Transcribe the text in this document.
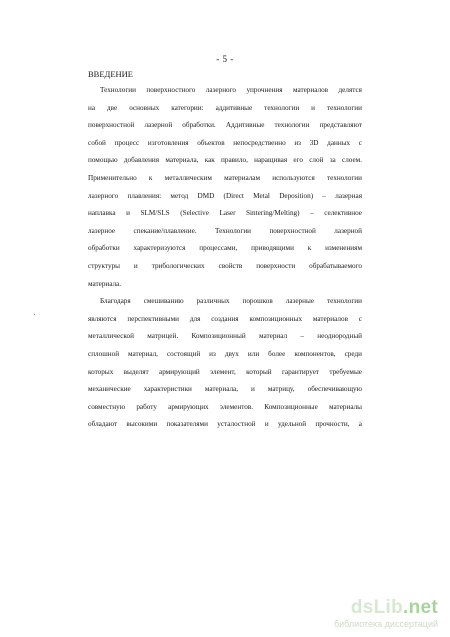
- 5 -
ВВЕДЕНИЕ
Технологии поверхностного лазерного упрочнения материалов делятся
на две основных категории: аддитивные технологии и технологии
поверхностной лазерной обработки. Аддитивные технологии представляют
собой процесс изготовления объектов непосредственно из 3D данных с
помощью добавления материала, как правило, наращивая его слой за слоем.
Применительно к металлическим материалам используются технологии
лазерного плавления: метод DMD (Direct Metal Deposition) – лазерная
наплавка и SLM/SLS (Selective Laser Sintering/Melting) – селективное
лазерное спекание/плавление. Технологии поверхностной лазерной
обработки характеризуются процессами, приводящими к изменениям
структуры и трибологических свойств поверхности обрабатываемого
материала.
Благодаря смешиванию различных порошков лазерные технологии
являются перспективными для создания композиционных материалов с
металлической матрицей. Композиционный материал – неоднородный
сплошной материал, состоящий из двух или более компонентов, среди
которых выделят армирующий элемент, который гарантирует требуемые
механические характеристики материала, и матрицу, обеспечивающую
совместную работу армирующих элементов. Композиционные материалы
обладают высокими показателями усталостной и удельной прочности, а
ˎ
dsLib.net
библиотека диссертаций
